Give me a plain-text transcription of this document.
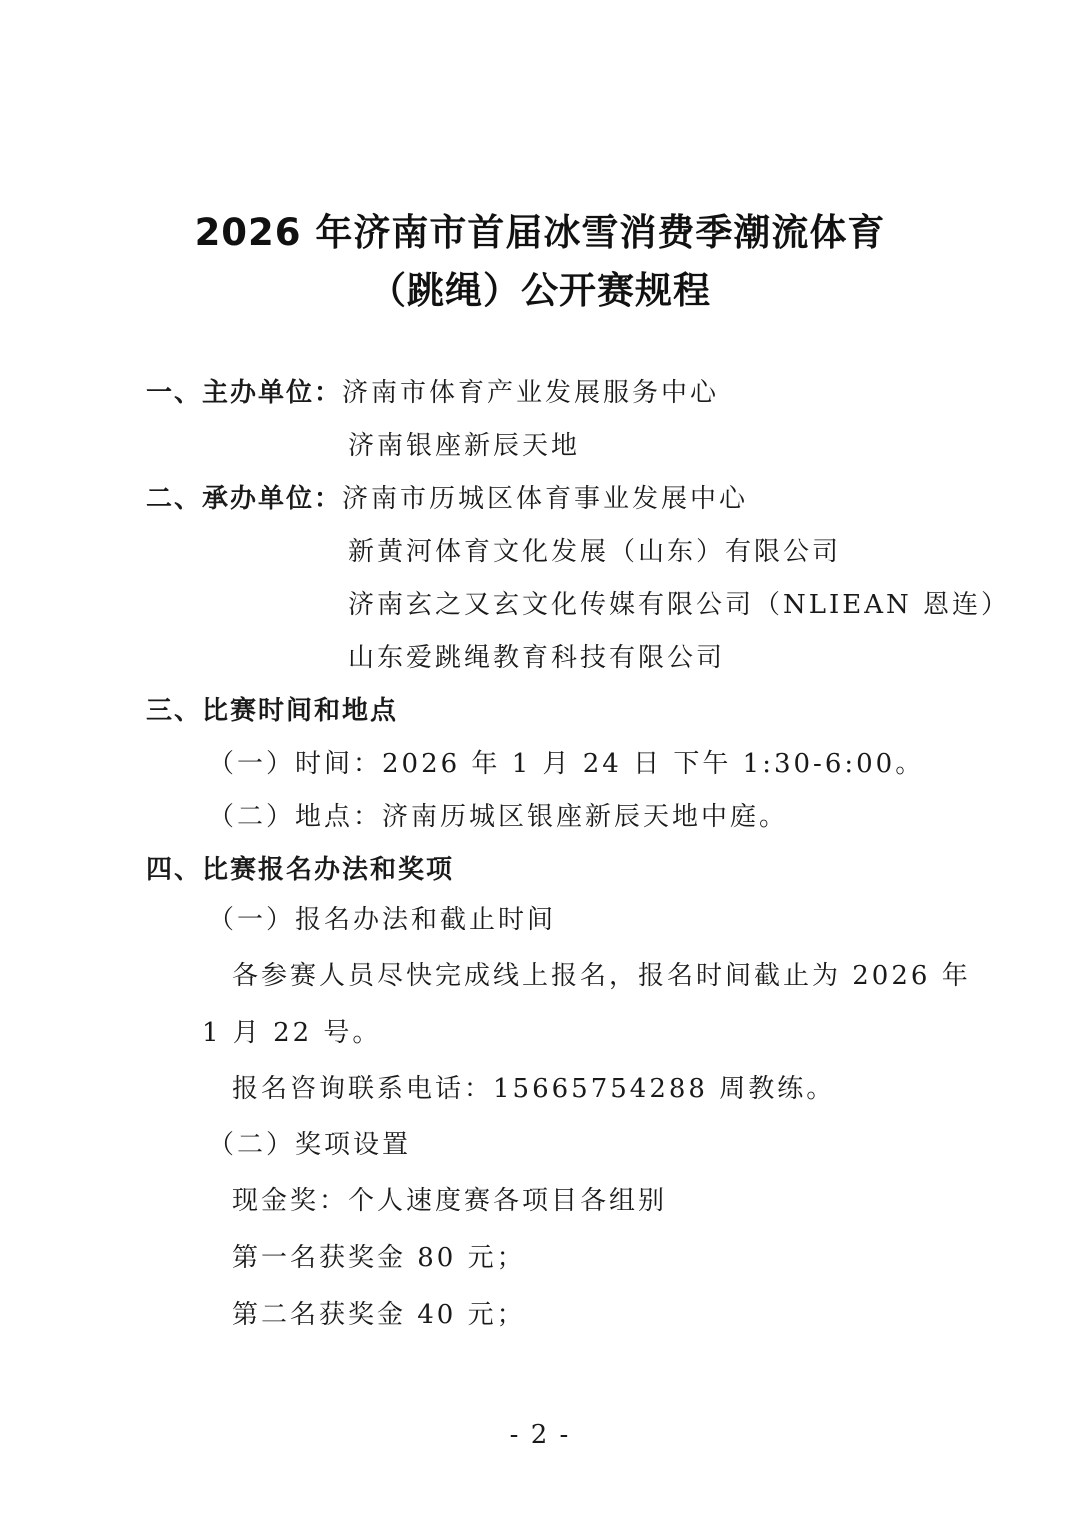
2026 年济南市首届冰雪消费季潮流体育
（跳绳）公开赛规程
一、主办单位：济南市体育产业发展服务中心
济南银座新辰天地
二、承办单位：济南市历城区体育事业发展中心
新黄河体育文化发展（山东）有限公司
济南玄之又玄文化传媒有限公司（NLIEAN 恩连）
山东爱跳绳教育科技有限公司
三、比赛时间和地点
（一）时间：2026 年 1 月 24 日 下午 1:30-6:00。
（二）地点：济南历城区银座新辰天地中庭。
四、比赛报名办法和奖项
（一）报名办法和截止时间
各参赛人员尽快完成线上报名，报名时间截止为 2026 年
1 月 22 号。
报名咨询联系电话：15665754288 周教练。
（二）奖项设置
现金奖：个人速度赛各项目各组别
第一名获奖金 80 元；
第二名获奖金 40 元；
- 2 -
